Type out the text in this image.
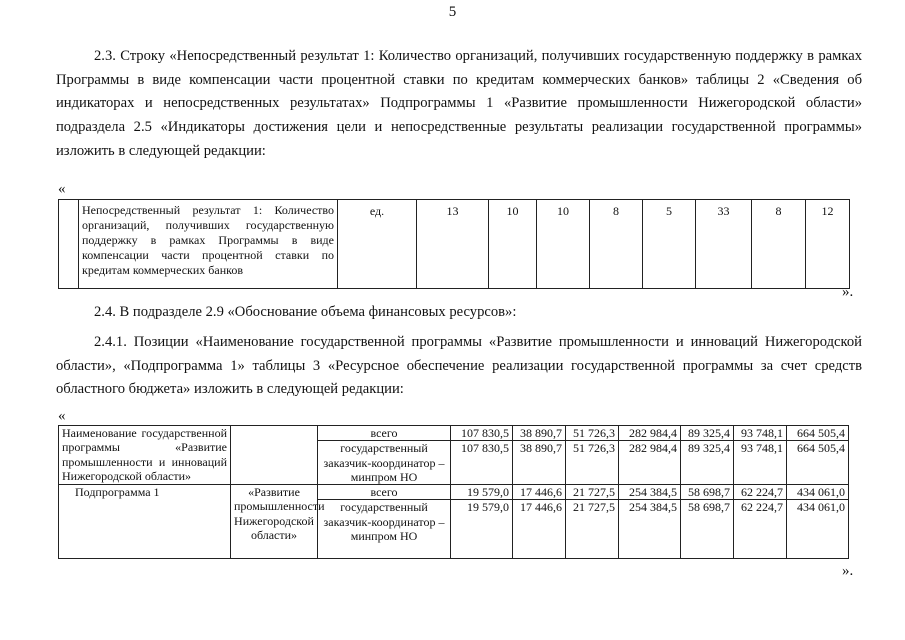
5
2.3. Строку «Непосредственный результат 1: Количество организаций, получивших государственную поддержку в рамках Программы в виде компенсации части процентной ставки по кредитам коммерческих банков» таблицы 2 «Сведения об индикаторах и непосредственных результатах» Подпрограммы 1 «Развитие промышленности Нижегородской области» подраздела 2.5 «Индикаторы достижения цели и непосредственные результаты реализации государственной программы» изложить в следующей редакции:
«
	Непосредственный результат 1: Количество организаций, получивших государственную поддержку в рамках Программы в виде компенсации части процентной ставки по кредитам коммерческих банков	ед.	13	10	10	8	5	33	8	12
».
2.4. В подразделе 2.9 «Обоснование объема финансовых ресурсов»:
2.4.1. Позиции «Наименование государственной программы «Развитие промышленности и инноваций Нижегородской области», «Подпрограмма 1» таблицы 3 «Ресурсное обеспечение реализации государственной программы за счет средств областного бюджета» изложить в следующей редакции:
«
Наименование государственной программы «Развитие промышленности и инноваций Нижегородской области»		всего	107 830,5	38 890,7	51 726,3	282 984,4	89 325,4	93 748,1	664 505,4
		государственный заказчик-координатор – минпром НО	107 830,5	38 890,7	51 726,3	282 984,4	89 325,4	93 748,1	664 505,4
Подпрограмма 1	«Развитие промышленности Нижегородской области»	всего	19 579,0	17 446,6	21 727,5	254 384,5	58 698,7	62 224,7	434 061,0
		государственный заказчик-координатор – минпром НО	19 579,0	17 446,6	21 727,5	254 384,5	58 698,7	62 224,7	434 061,0
».
